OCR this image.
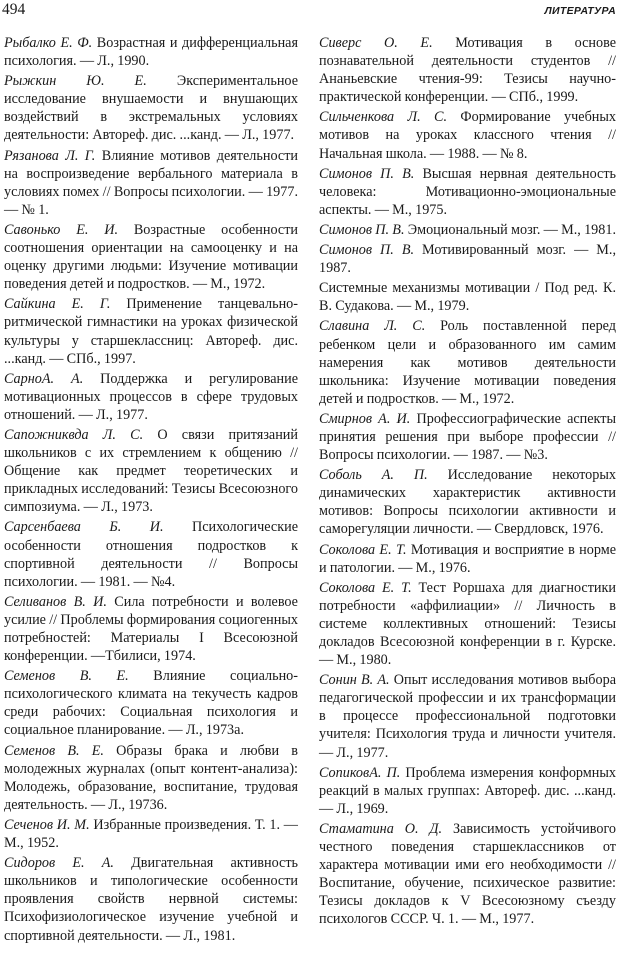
494	ЛИТЕРАТУРА

Рыбалко Е. Ф. Возрастная и дифференциальная психология. — Л., 1990.

Рыжкин Ю. Е. Экспериментальное исследование внушаемости и внушающих воздействий в экстремальных условиях деятельности: Автореф. дис. ...канд. — Л., 1977.

Рязанова Л. Г. Влияние мотивов деятельности на воспроизведение вербального материала в условиях помех // Вопросы психологии. — 1977. — № 1.

Савонько Е. И. Возрастные особенности соотношения ориентации на самооценку и на оценку другими людьми: Изучение мотивации поведения детей и подростков. — М., 1972.

Сайкина Е. Г. Применение танцевально-ритмической гимнастики на уроках физической культуры у старшеклассниц: Автореф. дис. ...канд. — СПб., 1997.

СарноА. А. Поддержка и регулирование мотивационных процессов в сфере трудовых отношений. — Л., 1977.

Сапожниквда Л. С. О связи притязаний школьников с их стремлением к общению // Общение как предмет теоретических и прикладных исследований: Тезисы Всесоюзного симпозиума. — Л., 1973.

Сарсенбаева Б. И. Психологические особенности отношения подростков к спортивной деятельности // Вопросы психологии. — 1981. — №4.

Селиванов В. И. Сила потребности и волевое усилие // Проблемы формирования социогенных потребностей: Материалы I Всесоюзной конференции. —Тбилиси, 1974.

Семенов В. Е. Влияние социально-психологического климата на текучесть кадров среди рабочих: Социальная психология и социальное планирование. — Л., 1973а.

Семенов В. Е. Образы брака и любви в молодежных журналах (опыт контент-анализа): Молодежь, образование, воспитание, трудовая деятельность. — Л., 19736.

Сеченов И. М. Избранные произведения. Т. 1. — М., 1952.

Сидоров Е. А. Двигательная активность школьников и типологические особенности проявления свойств нервной системы: Психофизиологическое изучение учебной и спортивной деятельности. — Л., 1981.

Сиверс О. Е. Мотивация в основе познавательной деятельности студентов // Ананьевские чтения-99: Тезисы научно-практической конференции. — СПб., 1999.

Сильченкова Л. С. Формирование учебных мотивов на уроках классного чтения // Начальная школа. — 1988. — № 8.

Симонов П. В. Высшая нервная деятельность человека: Мотивационно-эмоциональные аспекты. — М., 1975.

Симонов П. В. Эмоциональный мозг. — М., 1981.

Симонов П. В. Мотивированный мозг. — М., 1987.

Системные механизмы мотивации / Под ред. К. В. Судакова. — М., 1979.

Славина Л. С. Роль поставленной перед ребенком цели и образованного им самим намерения как мотивов деятельности школьника: Изучение мотивации поведения детей и подростков. — М., 1972.

Смирнов А. И. Профессиографические аспекты принятия решения при выборе профессии // Вопросы психологии. — 1987. — №3.

Соболь А. П. Исследование некоторых динамических характеристик активности мотивов: Вопросы психологии активности и саморегуляции личности. — Свердловск, 1976.

Соколова Е. Т. Мотивация и восприятие в норме и патологии. — М., 1976.

Соколова Е. Т. Тест Роршаха для диагностики потребности «аффилиации» // Личность в системе коллективных отношений: Тезисы докладов Всесоюзной конференции в г. Курске. — М., 1980.

Сонин В. А. Опыт исследования мотивов выбора педагогической профессии и их трансформации в процессе профессиональной подготовки учителя: Психология труда и личности учителя. — Л., 1977.

СопиковА. П. Проблема измерения конформных реакций в малых группах: Автореф. дис. ...канд. — Л., 1969.

Стаматина О. Д. Зависимость устойчивого честного поведения старшеклассников от характера мотивации ими его необходимости // Воспитание, обучение, психическое развитие: Тезисы докладов к V Всесоюзному съезду психологов СССР. Ч. 1. — М., 1977.
